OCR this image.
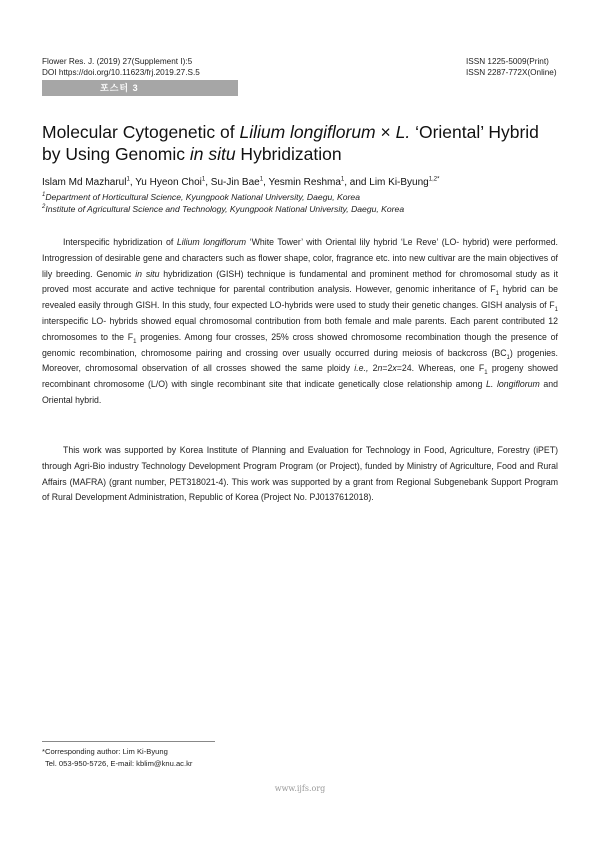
Flower Res. J. (2019) 27(Supplement I):5
DOI https://doi.org/10.11623/frj.2019.27.S.5
ISSN 1225-5009(Print)
ISSN 2287-772X(Online)
포스터 3
Molecular Cytogenetic of Lilium longiflorum × L. ‘Oriental’ Hybrid
by Using Genomic in situ Hybridization
Islam Md Mazharul$^1$, Yu Hyeon Choi$^1$, Su-Jin Bae$^1$, Yesmin Reshma$^1$, and Lim Ki-Byung$^{1,2*}$
$^1$Department of Horticultural Science, Kyungpook National University, Daegu, Korea
$^2$Institute of Agricultural Science and Technology, Kyungpook National University, Daegu, Korea
Interspecific hybridization of Lilium longiflorum ‘White Tower’ with Oriental lily hybrid ‘Le Reve’ (LO- hybrid) were performed. Introgression of desirable gene and characters such as flower shape, color, fragrance etc. into new cultivar are the main objectives of lily breeding. Genomic in situ hybridization (GISH) technique is fundamental and prominent method for chromosomal study as it proved most accurate and active technique for parental contribution analysis. However, genomic inheritance of $F_1$ hybrid can be revealed easily through GISH. In this study, four expected LO-hybrids were used to study their genetic changes. GISH analysis of $F_1$ interspecific LO- hybrids showed equal chromosomal contribution from both female and male parents. Each parent contributed 12 chromosomes to the $F_1$ progenies. Among four crosses, 25% cross showed chromosome recombination though the presence of genomic recombination, chromosome pairing and crossing over usually occurred during meiosis of backcross $(BC_1)$ progenies. Moreover, chromosomal observation of all crosses showed the same ploidy i.e., 2n=2x=24. Whereas, one $F_1$ progeny showed recombinant chromosome (L/O) with single recombinant site that indicate genetically close relationship among L. longiflorum and Oriental hybrid.
This work was supported by Korea Institute of Planning and Evaluation for Technology in Food, Agriculture, Forestry (iPET) through Agri-Bio industry Technology Development Program Program (or Project), funded by Ministry of Agriculture, Food and Rural Affairs (MAFRA) (grant number, PET318021-4). This work was supported by a grant from Regional Subgenebank Support Program of Rural Development Administration, Republic of Korea (Project No. PJ0137612018).
*Corresponding author: Lim Ki-Byung
Tel. 053-950-5726, E-mail: kblim@knu.ac.kr
www.ijfs.org
